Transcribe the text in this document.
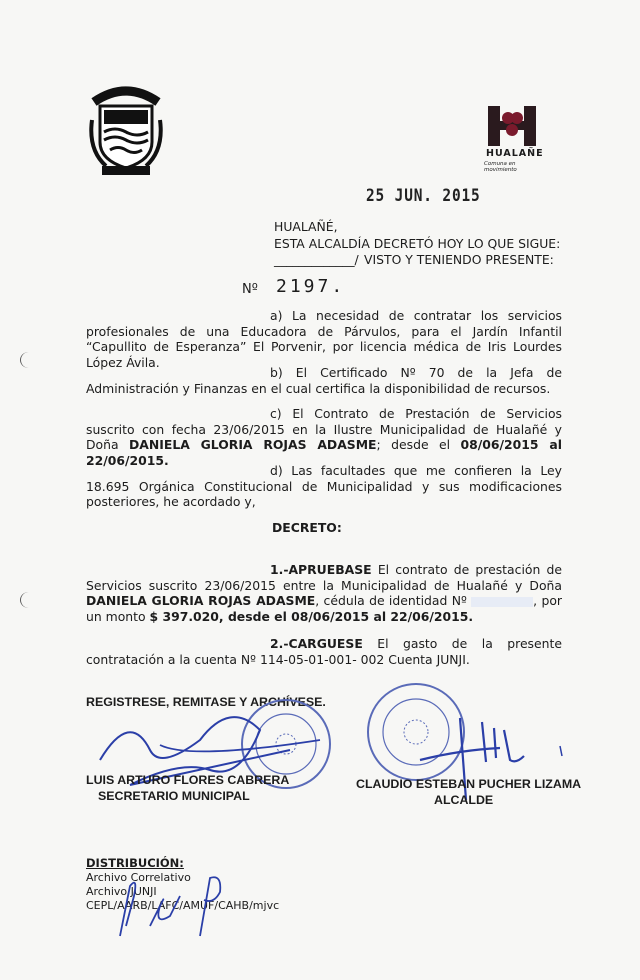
HUALAÑE
Comuna en movimiento
25 JUN. 2015
HUALAÑÉ,
ESTA ALCALDÍA DECRETÓ HOY LO QUE SIGUE:
_____________/ VISTO Y TENIENDO PRESENTE:
Nº 2197.
a) La necesidad de contratar los servicios profesionales de una Educadora de Párvulos, para el Jardín Infantil “Capullito de Esperanza” El Porvenir, por licencia médica de Iris Lourdes López Ávila.
b) El Certificado Nº 70 de la Jefa de Administración y Finanzas en el cual certifica la disponibilidad de recursos.
c) El Contrato de Prestación de Servicios suscrito con fecha 23/06/2015 en la Ilustre Municipalidad de Hualañé y Doña DANIELA GLORIA ROJAS ADASME; desde el 08/06/2015 al 22/06/2015.
d) Las facultades que me confieren la Ley 18.695 Orgánica Constitucional de Municipalidad y sus modificaciones posteriores, he acordado y,
DECRETO:
1.-APRUEBASE El contrato de prestación de Servicios suscrito 23/06/2015 entre la Municipalidad de Hualañé y Doña DANIELA GLORIA ROJAS ADASME, cédula de identidad Nº	, por un monto $ 397.020, desde el 08/06/2015 al 22/06/2015.
2.-CARGUESE El gasto de la presente contratación a la cuenta Nº 114-05-01-001- 002 Cuenta JUNJI.
REGISTRESE, REMITASE Y ARCHÍVESE.
LUIS ARTURO FLORES CABRERA
SECRETARIO MUNICIPAL
CLAUDIO ESTEBAN PUCHER LIZAMA
ALCALDE
DISTRIBUCIÓN:
Archivo Correlativo
Archivo JUNJI
CEPL/AARB/LAFC/AMUF/CAHB/mjvc
